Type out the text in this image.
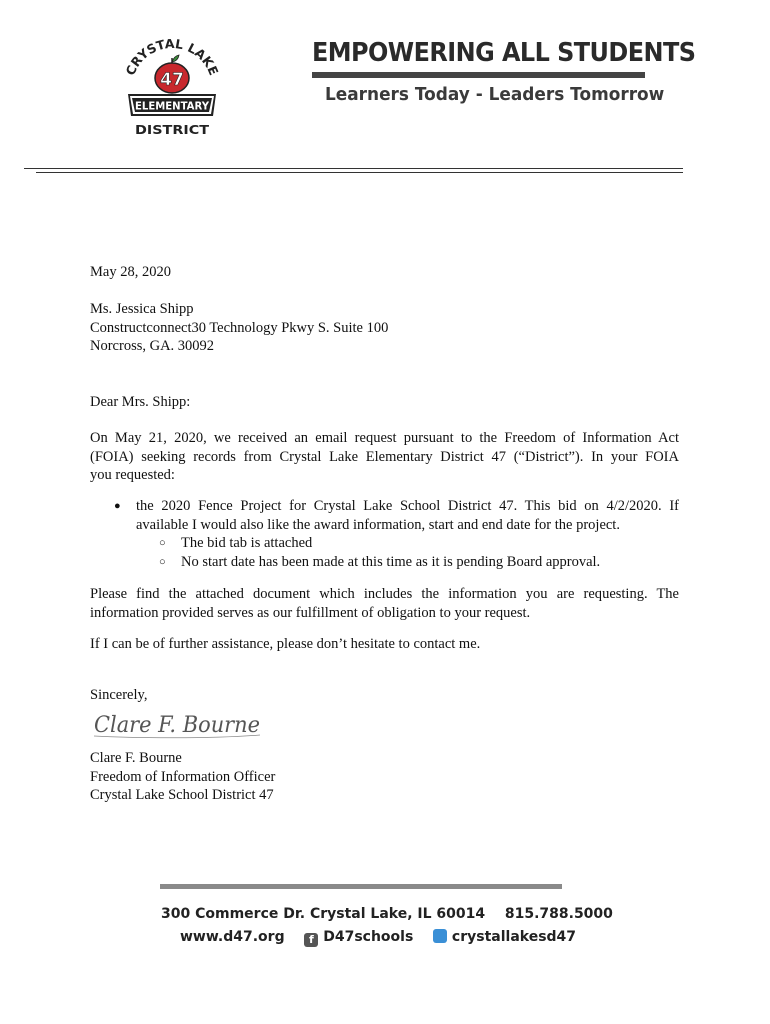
CRYSTAL LAKE
47
ELEMENTARY
DISTRICT
EMPOWERING ALL STUDENTS
Learners Today - Leaders Tomorrow
May 28, 2020
Ms. Jessica Shipp
Constructconnect30 Technology Pkwy S. Suite 100
Norcross, GA. 30092
Dear Mrs. Shipp:
On May 21, 2020, we received an email request pursuant to the Freedom of Information Act
(FOIA) seeking records from Crystal Lake Elementary District 47 (“District”). In your FOIA
you requested:
● the 2020 Fence Project for Crystal Lake School District 47. This bid on 4/2/2020. If
available I would also like the award information, start and end date for the project.
○ The bid tab is attached
○ No start date has been made at this time as it is pending Board approval.
Please find the attached document which includes the information you are requesting. The
information provided serves as our fulfillment of obligation to your request.
If I can be of further assistance, please don’t hesitate to contact me.
Sincerely,
Clare F. Bourne
Clare F. Bourne
Freedom of Information Officer
Crystal Lake School District 47
300 Commerce Dr. Crystal Lake, IL 60014 815.788.5000
www.d47.org f D47schools	crystallakesd47
